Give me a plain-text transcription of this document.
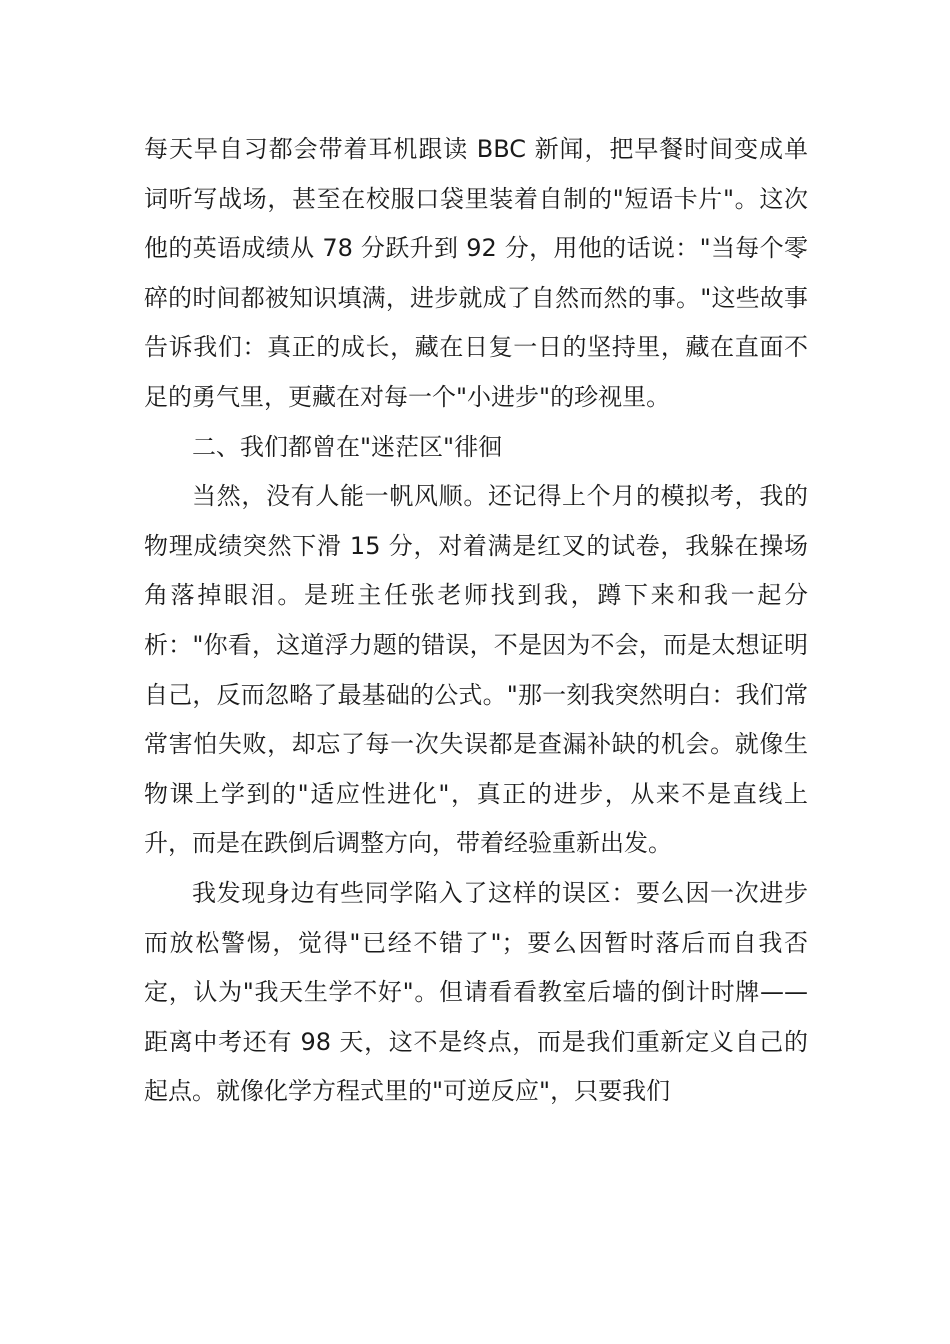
每天早自习都会带着耳机跟读 BBC 新闻，把早餐时间变成单词听写战场，甚至在校服口袋里装着自制的"短语卡片"。这次他的英语成绩从 78 分跃升到 92 分，用他的话说："当每个零碎的时间都被知识填满，进步就成了自然而然的事。"这些故事告诉我们：真正的成长，藏在日复一日的坚持里，藏在直面不足的勇气里，更藏在对每一个"小进步"的珍视里。

二、我们都曾在"迷茫区"徘徊

当然，没有人能一帆风顺。还记得上个月的模拟考，我的物理成绩突然下滑 15 分，对着满是红叉的试卷，我躲在操场角落掉眼泪。是班主任张老师找到我，蹲下来和我一起分析："你看，这道浮力题的错误，不是因为不会，而是太想证明自己，反而忽略了最基础的公式。"那一刻我突然明白：我们常常害怕失败，却忘了每一次失误都是查漏补缺的机会。就像生物课上学到的"适应性进化"，真正的进步，从来不是直线上升，而是在跌倒后调整方向，带着经验重新出发。

我发现身边有些同学陷入了这样的误区：要么因一次进步而放松警惕，觉得"已经不错了"；要么因暂时落后而自我否定，认为"我天生学不好"。但请看看教室后墙的倒计时牌——距离中考还有 98 天，这不是终点，而是我们重新定义自己的起点。就像化学方程式里的"可逆反应"，只要我们
